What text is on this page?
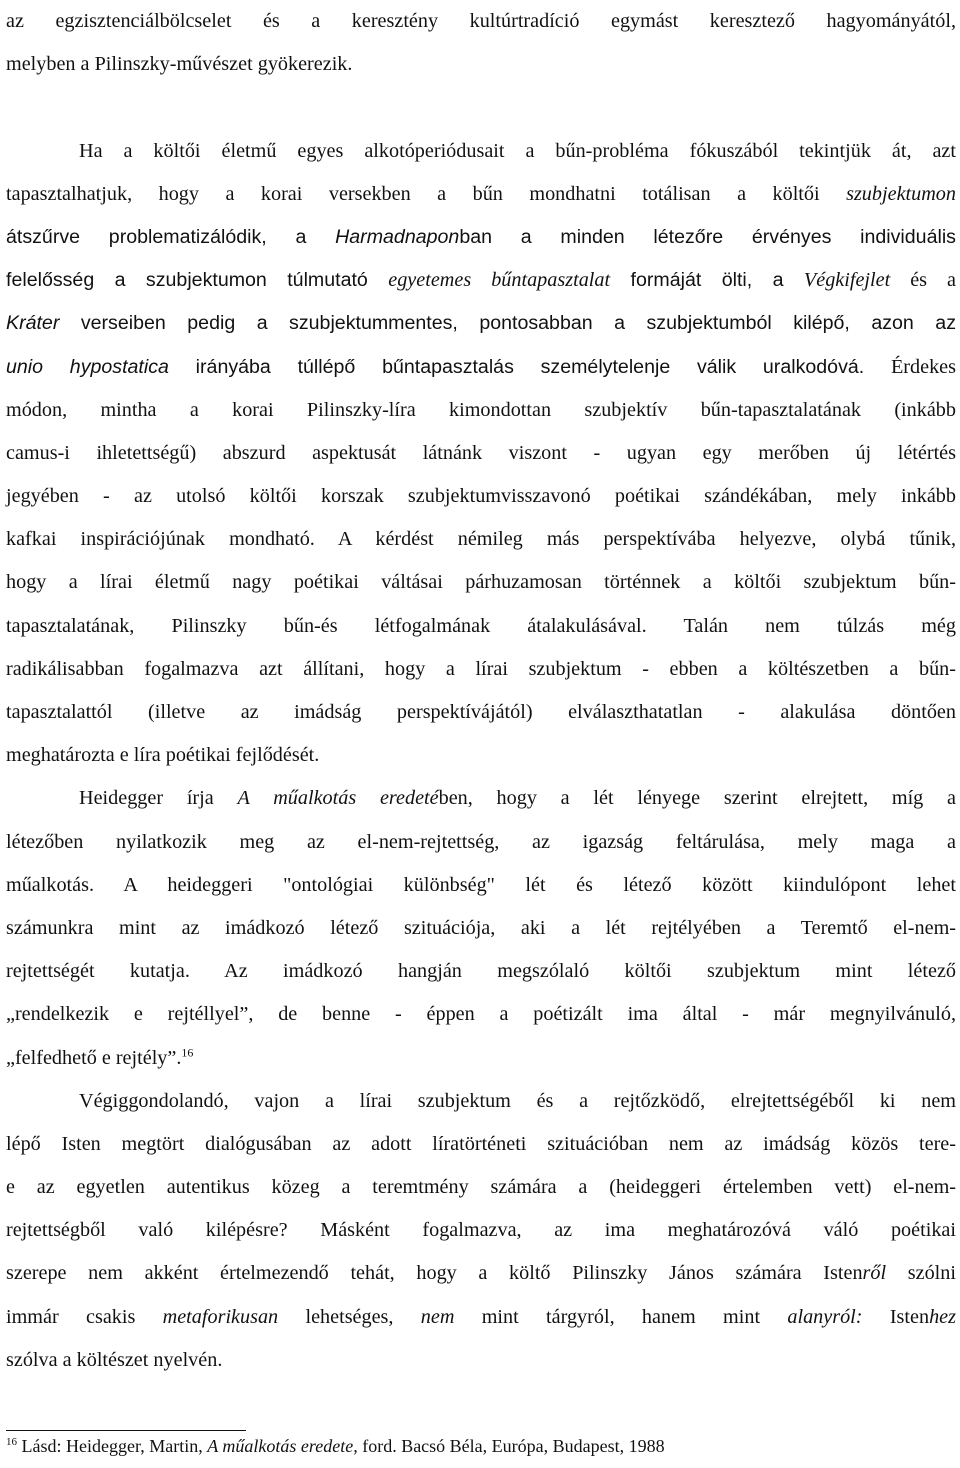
az egzisztenciálbölcselet és a keresztény kultúrtradíció egymást keresztező hagyományától,
melyben a Pilinszky-művészet gyökerezik.
Ha a költői életmű egyes alkotóperiódusait a bűn-probléma fókuszából tekintjük át, azt
tapasztalhatjuk, hogy a korai versekben a bűn mondhatni totálisan a költői szubjektumon
átszűrve problematizálódik, a Harmadnaponban a minden létezőre érvényes individuális
felelősség a szubjektumon túlmutató egyetemes bűntapasztalat formáját ölti, a Végkifejlet és a
Kráter verseiben pedig a szubjektummentes, pontosabban a szubjektumból kilépő, azon az
unio hypostatica irányába túllépő bűntapasztalás személytelenje válik uralkodóvá. Érdekes
módon, mintha a korai Pilinszky-líra kimondottan szubjektív bűn-tapasztalatának (inkább
camus-i ihletettségű) abszurd aspektusát látnánk viszont - ugyan egy merőben új létértés
jegyében - az utolsó költői korszak szubjektumvisszavonó poétikai szándékában, mely inkább
kafkai inspirációjúnak mondható. A kérdést némileg más perspektívába helyezve, olybá tűnik,
hogy a lírai életmű nagy poétikai váltásai párhuzamosan történnek a költői szubjektum bűn-
tapasztalatának, Pilinszky bűn-és létfogalmának átalakulásával. Talán nem túlzás még
radikálisabban fogalmazva azt állítani, hogy a lírai szubjektum - ebben a költészetben a bűn-
tapasztalattól (illetve az imádság perspektívájától) elválaszthatatlan - alakulása döntően
meghatározta e líra poétikai fejlődését.
Heidegger írja A műalkotás eredetében, hogy a lét lényege szerint elrejtett, míg a
létezőben nyilatkozik meg az el-nem-rejtettség, az igazság feltárulása, mely maga a
műalkotás. A heideggeri "ontológiai különbség" lét és létező között kiindulópont lehet
számunkra mint az imádkozó létező szituációja, aki a lét rejtélyében a Teremtő el-nem-
rejtettségét kutatja. Az imádkozó hangján megszólaló költői szubjektum mint létező
„rendelkezik e rejtéllyel”, de benne - éppen a poétizált ima által - már megnyilvánuló,
„felfedhető e rejtély”.$^{16}$
Végiggondolandó, vajon a lírai szubjektum és a rejtőzködő, elrejtettségéből ki nem
lépő Isten megtört dialógusában az adott líratörténeti szituációban nem az imádság közös tere-
e az egyetlen autentikus közeg a teremtmény számára a (heideggeri értelemben vett) el-nem-
rejtettségből való kilépésre? Másként fogalmazva, az ima meghatározóvá váló poétikai
szerepe nem akként értelmezendő tehát, hogy a költő Pilinszky János számára Istenről szólni
immár csakis metaforikusan lehetséges, nem mint tárgyról, hanem mint alanyról: Istenhez
szólva a költészet nyelvén.
$^{16}$ Lásd: Heidegger, Martin, A műalkotás eredete, ford. Bacsó Béla, Európa, Budapest, 1988
